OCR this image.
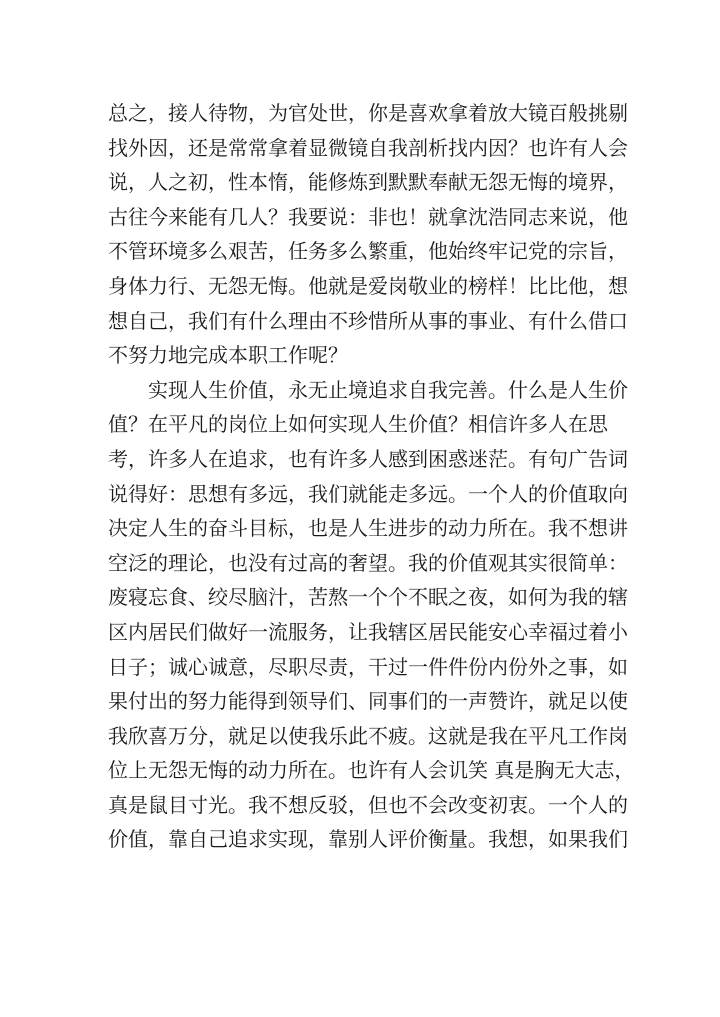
总之，接人待物，为官处世，你是喜欢拿着放大镜百般挑剔
找外因，还是常常拿着显微镜自我剖析找内因？也许有人会
说，人之初，性本惰，能修炼到默默奉献无怨无悔的境界，
古往今来能有几人？我要说：非也！就拿沈浩同志来说，他
不管环境多么艰苦，任务多么繁重，他始终牢记党的宗旨，
身体力行、无怨无悔。他就是爱岗敬业的榜样！比比他，想
想自己，我们有什么理由不珍惜所从事的事业、有什么借口
不努力地完成本职工作呢？
　　实现人生价值，永无止境追求自我完善。什么是人生价
值？在平凡的岗位上如何实现人生价值？相信许多人在思
考，许多人在追求，也有许多人感到困惑迷茫。有句广告词
说得好：思想有多远，我们就能走多远。一个人的价值取向
决定人生的奋斗目标，也是人生进步的动力所在。我不想讲
空泛的理论，也没有过高的奢望。我的价值观其实很简单：
废寝忘食、绞尽脑汁，苦熬一个个不眠之夜，如何为我的辖
区内居民们做好一流服务，让我辖区居民能安心幸福过着小
日子；诚心诚意，尽职尽责，干过一件件份内份外之事，如
果付出的努力能得到领导们、同事们的一声赞许，就足以使
我欣喜万分，就足以使我乐此不疲。这就是我在平凡工作岗
位上无怨无悔的动力所在。也许有人会讥笑 真是胸无大志，
真是鼠目寸光。我不想反驳，但也不会改变初衷。一个人的
价值，靠自己追求实现，靠别人评价衡量。我想，如果我们
